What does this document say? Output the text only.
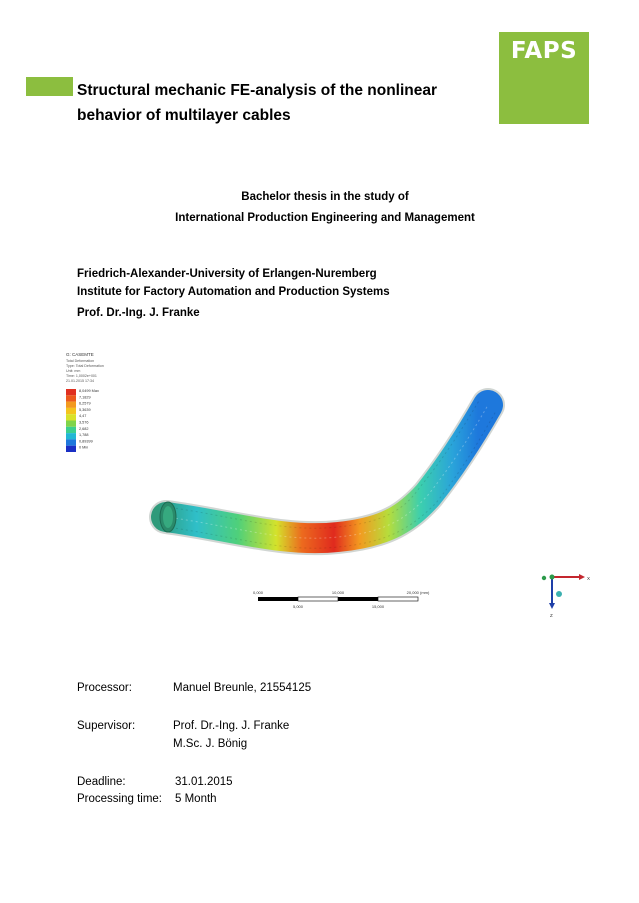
FAPS
Structural mechanic FE-analysis of the nonlinear
behavior of multilayer cables
Bachelor thesis in the study of
International Production Engineering and Management
Friedrich-Alexander-University of Erlangen-Nuremberg
Institute for Factory Automation and Production Systems
Prof. Dr.-Ing. J. Franke
G: CASEMTE
Total Deformation
Type: Total Deformation
Unit: mm
Time: 1,0002e+001
21.01.2015 17:34
8,0499 Max
7,1829
6,2579
5,3639
4,47
3,576
2,682
1,788
0,89399
0 Min
0,000	10,000	20,000 (mm)
5,000	15,000
X
Z
Processor:	Manuel Breunle, 21554125
Supervisor:	Prof. Dr.-Ing. J. Franke
M.Sc. J. Bönig
Deadline:	31.01.2015
Processing time: 5 Month
